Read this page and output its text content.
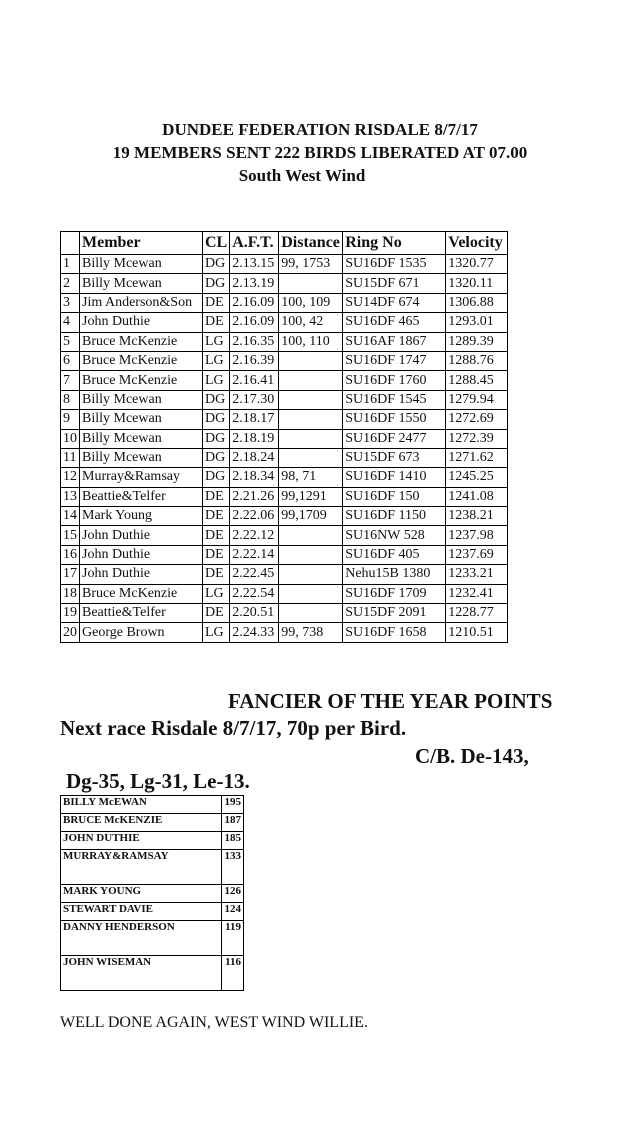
DUNDEE FEDERATION RISDALE 8/7/17
19 MEMBERS SENT 222 BIRDS LIBERATED AT 07.00
South West Wind
	Member	CL	A.F.T.	Distance	Ring No	Velocity
1	Billy Mcewan	DG	2.13.15	99, 1753	SU16DF 1535	1320.77
2	Billy Mcewan	DG	2.13.19		SU15DF 671	1320.11
3	Jim Anderson&Son	DE	2.16.09	100, 109	SU14DF 674	1306.88
4	John Duthie	DE	2.16.09	100, 42	SU16DF 465	1293.01
5	Bruce McKenzie	LG	2.16.35	100, 110	SU16AF 1867	1289.39
6	Bruce McKenzie	LG	2.16.39		SU16DF 1747	1288.76
7	Bruce McKenzie	LG	2.16.41		SU16DF 1760	1288.45
8	Billy Mcewan	DG	2.17.30		SU16DF 1545	1279.94
9	Billy Mcewan	DG	2.18.17		SU16DF 1550	1272.69
10	Billy Mcewan	DG	2.18.19		SU16DF 2477	1272.39
11	Billy Mcewan	DG	2.18.24		SU15DF 673	1271.62
12	Murray&Ramsay	DG	2.18.34	98, 71	SU16DF 1410	1245.25
13	Beattie&Telfer	DE	2.21.26	99,1291	SU16DF 150	1241.08
14	Mark Young	DE	2.22.06	99,1709	SU16DF 1150	1238.21
15	John Duthie	DE	2.22.12		SU16NW 528	1237.98
16	John Duthie	DE	2.22.14		SU16DF 405	1237.69
17	John Duthie	DE	2.22.45		Nehu15B 1380	1233.21
18	Bruce McKenzie	LG	2.22.54		SU16DF 1709	1232.41
19	Beattie&Telfer	DE	2.20.51		SU15DF 2091	1228.77
20	George Brown	LG	2.24.33	99, 738	SU16DF 1658	1210.51
FANCIER OF THE YEAR POINTS
Next race Risdale 8/7/17, 70p per Bird.
C/B. De-143,
Dg-35, Lg-31, Le-13.
BILLY McEWAN	195
BRUCE McKENZIE	187
JOHN DUTHIE	185
MURRAY&RAMSAY	133
MARK YOUNG	126
STEWART DAVIE	124
DANNY HENDERSON	119
JOHN WISEMAN	116
WELL DONE AGAIN, WEST WIND WILLIE.
